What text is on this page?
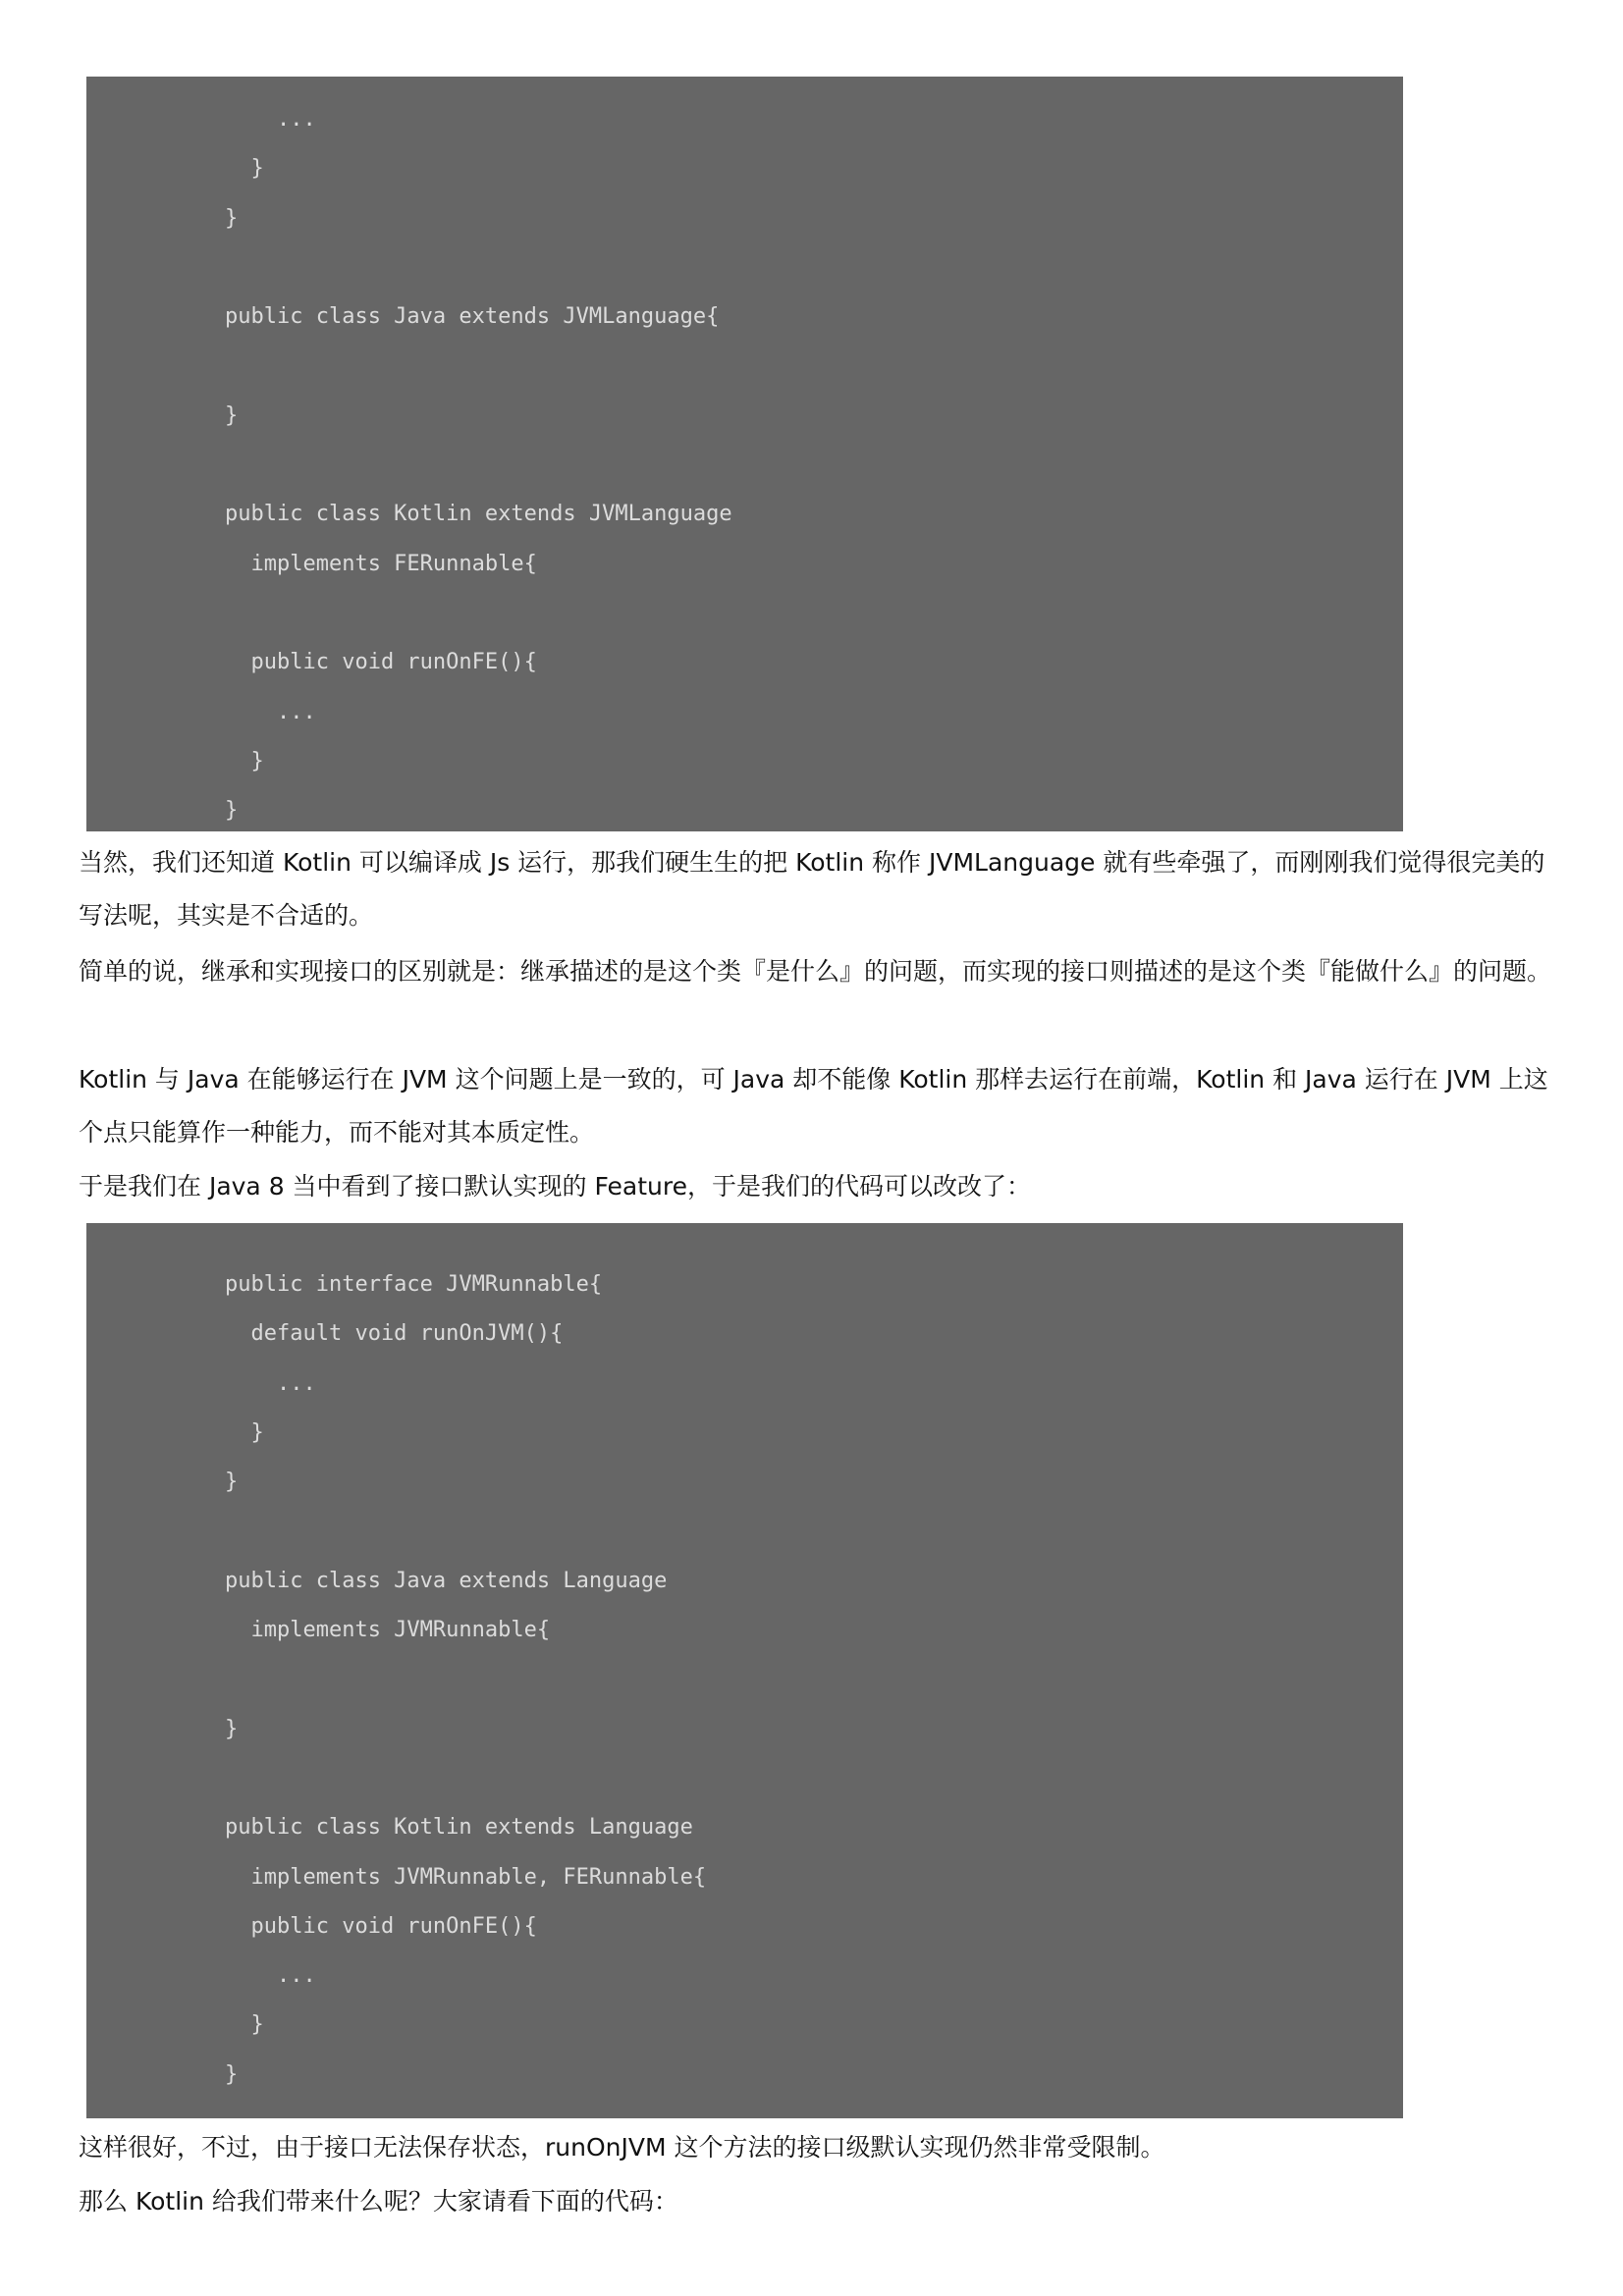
...
}
}
public class Java extends JVMLanguage{
}
public class Kotlin extends JVMLanguage
implements FERunnable{
public void runOnFE(){
...
}
}

当然，我们还知道 Kotlin 可以编译成 Js 运行，那我们硬生生的把 Kotlin 称作 JVMLanguage 就有些牵强了，而刚刚我们觉得很完美的写法呢，其实是不合适的。

简单的说，继承和实现接口的区别就是：继承描述的是这个类『是什么』的问题，而实现的接口则描述的是这个类『能做什么』的问题。

Kotlin 与 Java 在能够运行在 JVM 这个问题上是一致的，可 Java 却不能像 Kotlin 那样去运行在前端，Kotlin 和 Java 运行在 JVM 上这个点只能算作一种能力，而不能对其本质定性。

于是我们在 Java 8 当中看到了接口默认实现的 Feature，于是我们的代码可以改改了：

public interface JVMRunnable{
default void runOnJVM(){
...
}
}
public class Java extends Language
implements JVMRunnable{
}
public class Kotlin extends Language
implements JVMRunnable, FERunnable{
public void runOnFE(){
...
}
}

这样很好，不过，由于接口无法保存状态，runOnJVM 这个方法的接口级默认实现仍然非常受限制。

那么 Kotlin 给我们带来什么呢？大家请看下面的代码：
